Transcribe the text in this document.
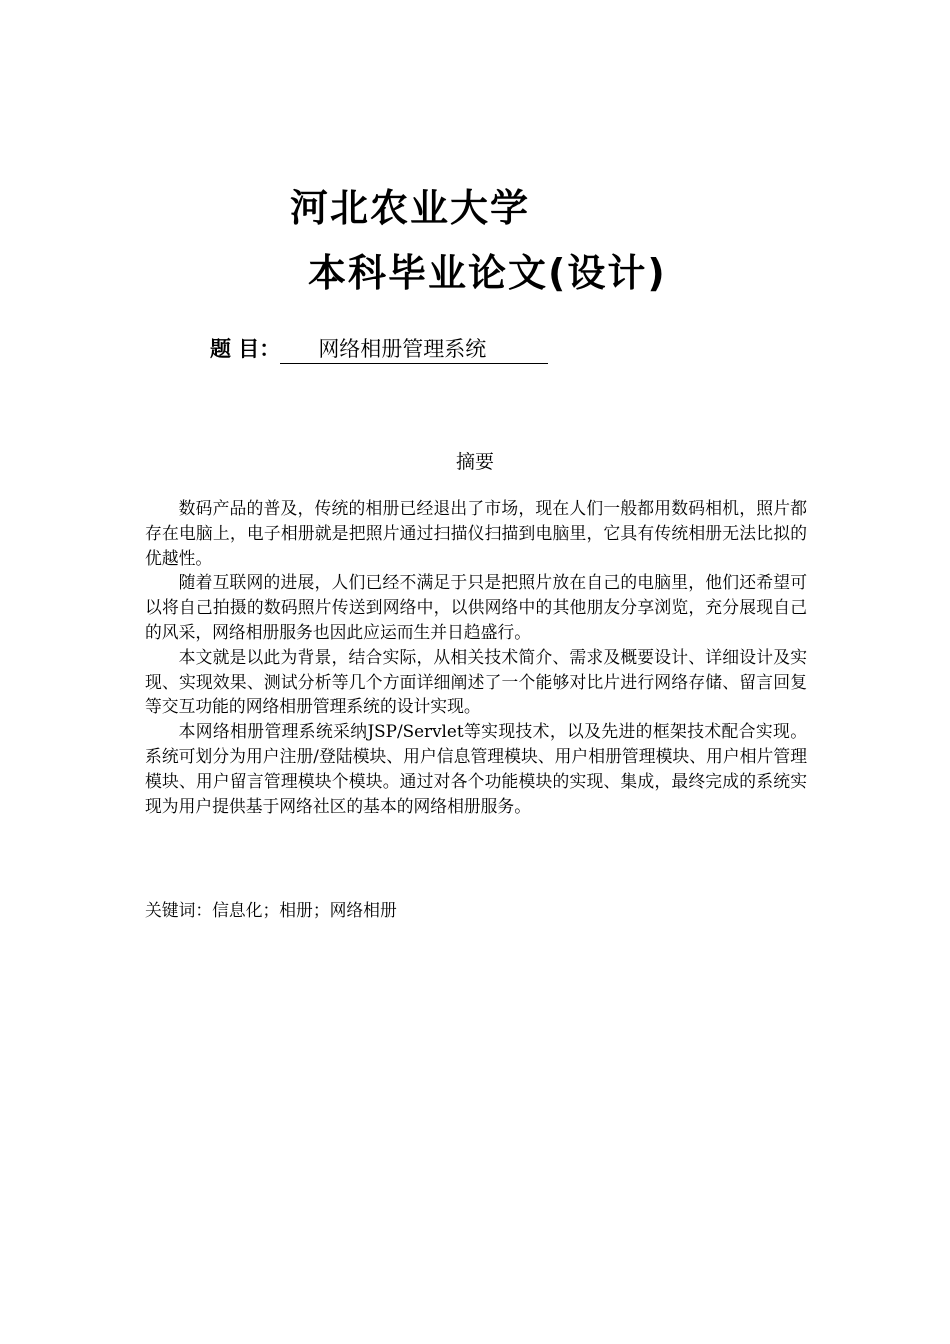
河北农业大学
本科毕业论文(设计)
题 目：	网络相册管理系统
摘要

数码产品的普及，传统的相册已经退出了市场，现在人们一般都用数码相机，照片都存在电脑上，电子相册就是把照片通过扫描仪扫描到电脑里，它具有传统相册无法比拟的优越性。

随着互联网的进展，人们已经不满足于只是把照片放在自己的电脑里，他们还希望可以将自己拍摄的数码照片传送到网络中，以供网络中的其他朋友分享浏览，充分展现自己的风采，网络相册服务也因此应运而生并日趋盛行。

本文就是以此为背景，结合实际，从相关技术简介、需求及概要设计、详细设计及实现、实现效果、测试分析等几个方面详细阐述了一个能够对比片进行网络存储、留言回复等交互功能的网络相册管理系统的设计实现。

本网络相册管理系统采纳JSP/Servlet等实现技术，以及先进的框架技术配合实现。系统可划分为用户注册/登陆模块、用户信息管理模块、用户相册管理模块、用户相片管理模块、用户留言管理模块个模块。通过对各个功能模块的实现、集成，最终完成的系统实现为用户提供基于网络社区的基本的网络相册服务。

关键词：信息化；相册；网络相册
